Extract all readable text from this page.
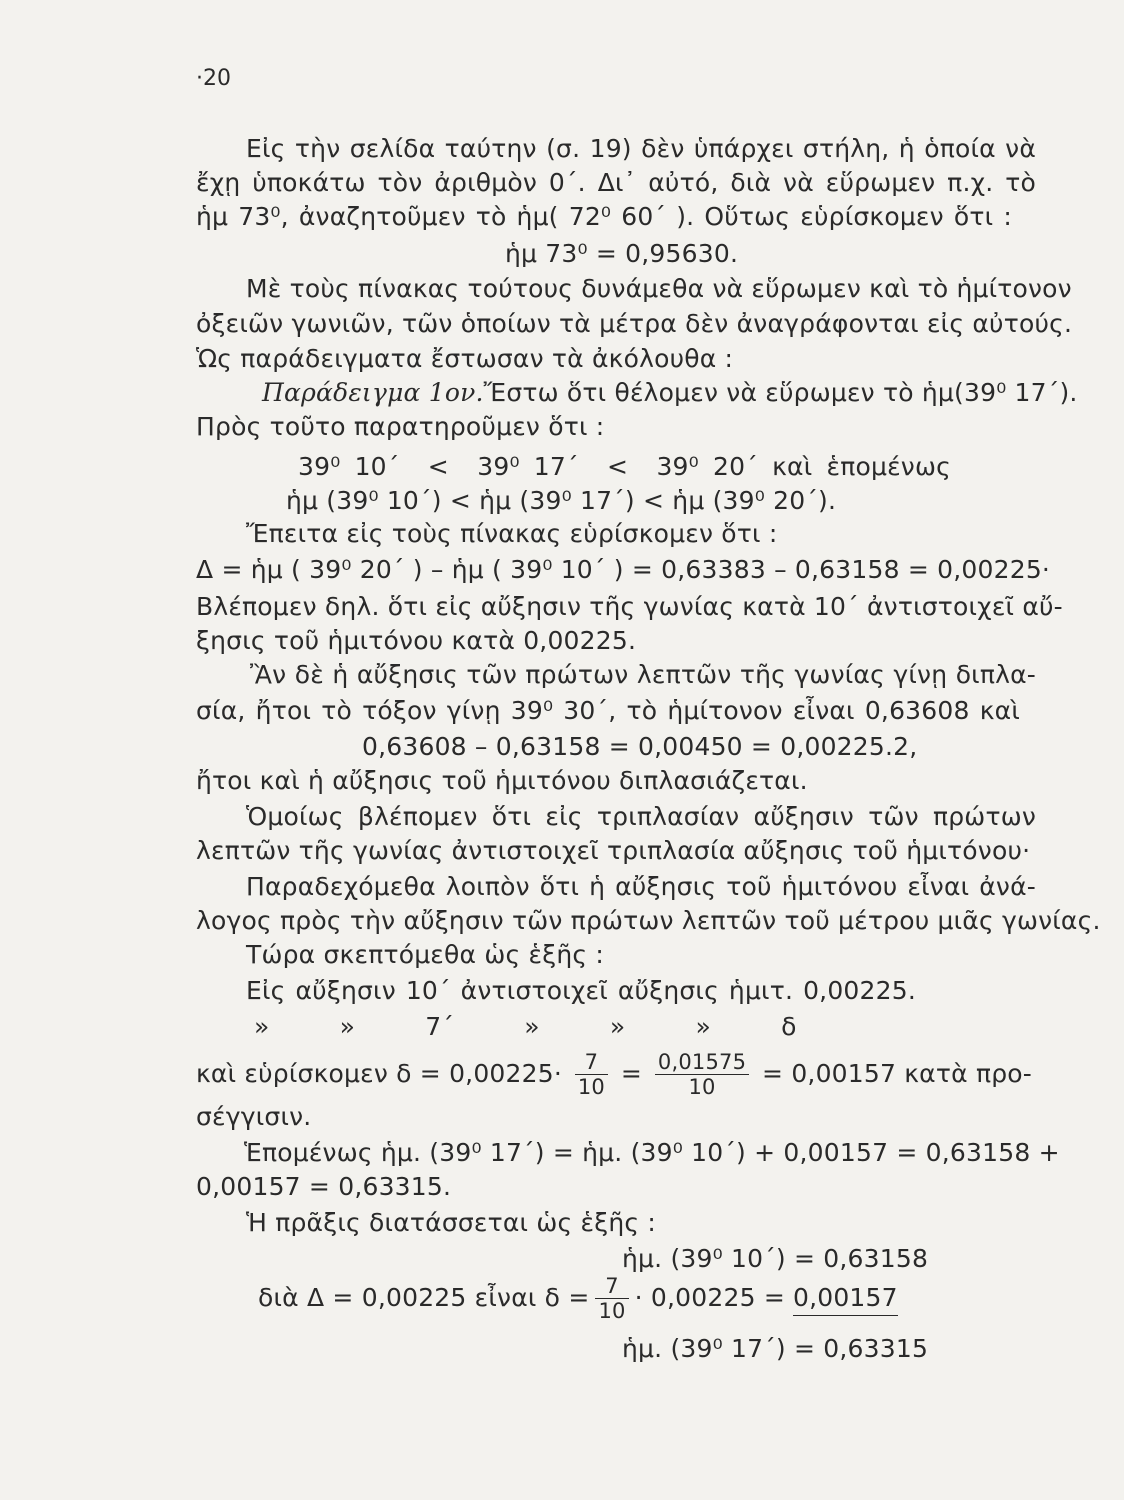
·20
Εἰς τὴν σελίδα ταύτην (σ. 19) δὲν ὑπάρχει στήλη, ἡ ὁποία νὰ
ἔχῃ ὑποκάτω τὸν ἀριθμὸν 0΄. Δι᾽ αὐτό, διὰ νὰ εὕρωμεν π.χ. τὸ
ἡμ 73⁰, ἀναζητοῦμεν τὸ ἡμ( 72⁰ 60΄ ). Οὕτως εὑρίσκομεν ὅτι :
ἡμ 73⁰ = 0,95630.
Μὲ τοὺς πίνακας τούτους δυνάμεθα νὰ εὕρωμεν καὶ τὸ ἡμίτονον
ὀξειῶν γωνιῶν, τῶν ὁποίων τὰ μέτρα δὲν ἀναγράφονται εἰς αὐτούς.
Ὡς παράδειγματα ἔστωσαν τὰ ἀκόλουθα :
Παράδειγμα 1ον. Ἔστω ὅτι θέλομεν νὰ εὕρωμεν τὸ ἡμ(39⁰ 17΄).
Πρὸς τοῦτο παρατηροῦμεν ὅτι :
39⁰ 10΄  <  39⁰ 17΄  <  39⁰ 20΄ καὶ ἑπομένως
ἡμ (39⁰ 10΄) < ἡμ (39⁰ 17΄) < ἡμ (39⁰ 20΄).
Ἔπειτα εἰς τοὺς πίνακας εὑρίσκομεν ὅτι :
Δ = ἡμ ( 39⁰ 20΄ ) – ἡμ ( 39⁰ 10΄ ) = 0,63383 – 0,63158 = 0,00225·
Βλέπομεν δηλ. ὅτι εἰς αὔξησιν τῆς γωνίας κατὰ 10΄ ἀντιστοιχεῖ αὔ-
ξησις τοῦ ἡμιτόνου κατὰ 0,00225.
Ἂν δὲ ἡ αὔξησις τῶν πρώτων λεπτῶν τῆς γωνίας γίνῃ διπλα-
σία, ἤτοι τὸ τόξον γίνῃ 39⁰ 30΄, τὸ ἡμίτονον εἶναι 0,63608 καὶ
0,63608 – 0,63158 = 0,00450 = 0,00225.2,
ἤτοι καὶ ἡ αὔξησις τοῦ ἡμιτόνου διπλασιάζεται.
Ὁμοίως βλέπομεν ὅτι εἰς τριπλασίαν αὔξησιν τῶν πρώτων
λεπτῶν τῆς γωνίας ἀντιστοιχεῖ τριπλασία αὔξησις τοῦ ἡμιτόνου·
Παραδεχόμεθα λοιπὸν ὅτι ἡ αὔξησις τοῦ ἡμιτόνου εἶναι ἀνά-
λογος πρὸς τὴν αὔξησιν τῶν πρώτων λεπτῶν τοῦ μέτρου μιᾶς γωνίας.
Τώρα σκεπτόμεθα ὡς ἑξῆς :
Εἰς αὔξησιν 10΄ ἀντιστοιχεῖ αὔξησις ἡμιτ. 0,00225.
» » 7΄ » » » δ
καὶ εὑρίσκομεν $\delta = 0,00225\cdot \frac{7}{10} = \frac{0,01575}{10} = 0,00157$ κατὰ προ-
σέγγισιν.
Ἑπομένως ἡμ. (39⁰ 17΄) = ἡμ. (39⁰ 10΄) + 0,00157 = 0,63158 +
0,00157 = 0,63315.
Ἡ πρᾶξις διατάσσεται ὡς ἑξῆς :
ἡμ. (39⁰ 10΄) = 0,63158
διὰ Δ = 0,00225 εἶναι $\delta = \frac{7}{10} \cdot 0,00225 = 0,00157$
ἡμ. (39⁰ 17΄) = 0,63315
